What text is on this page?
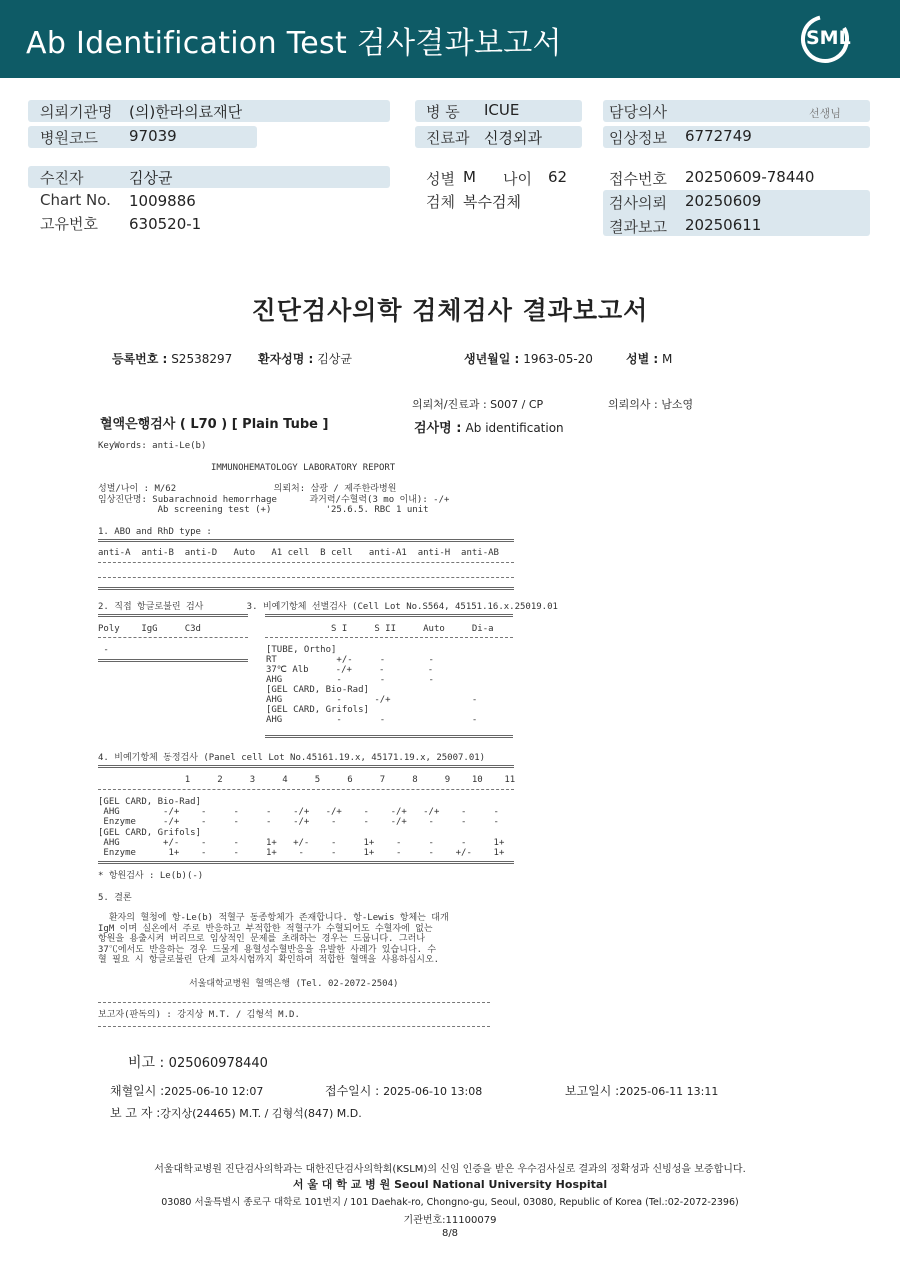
Ab Identification Test 검사결과보고서	SML
의뢰기관명 (의)한라의료재단
병원코드 97039
병 동 ICUE
진료과 신경외과
담당의사	선생님
임상정보 6772749
수진자	김상균
Chart No. 1009886
고유번호 630520-1
성별 M 나이 62
검체 복수검체
접수번호 20250609-78440
검사의뢰 20250609
결과보고 20250611
진단검사의학 검체검사 결과보고서
등록번호 : S2538297 환자성명 : 김상균	생년월일 : 1963-05-20	성별 : M
의뢰처/진료과 : S007 / CP	의뢰의사 : 남소영
혈액은행검사 ( L70 ) [ Plain Tube ]	검사명 : Ab identification
KeyWords: anti-Le(b)
IMMUNOHEMATOLOGY LABORATORY REPORT
성별/나이 : M/62                  의뢰처: 삼광 / 제주한라병원
임상진단명: Subarachnoid hemorrhage      과거력/수혈력(3 mo 이내): -/+
Ab screening test (+)          '25.6.5. RBC 1 unit
1. ABO and RhD type :
anti-A  anti-B  anti-D   Auto   A1 cell  B cell   anti-A1  anti-H  anti-AB
2. 직접 항글로불린 검사        3. 비예기항체 선별검사 (Cell Lot No.S564, 45151.16.x.25019.01
Poly    IgG     C3d                        S I     S II     Auto     Di-a
-                             [TUBE, Ortho]
RT           +/-     -        -
37℃ Alb     -/+     -        -
AHG          -       -        -
[GEL CARD, Bio-Rad]
AHG          -      -/+               -
[GEL CARD, Grifols]
AHG          -       -                -
4. 비예기항체 동정검사 (Panel cell Lot No.45161.19.x, 45171.19.x, 25007.01)
1     2     3     4     5     6     7     8     9    10    11
[GEL CARD, Bio-Rad]
AHG        -/+    -     -     -    -/+   -/+    -    -/+   -/+    -     -
Enzyme     -/+    -     -     -    -/+    -     -    -/+    -     -     -
[GEL CARD, Grifols]
AHG        +/-    -     -     1+   +/-    -     1+    -     -     -     1+
Enzyme      1+    -     -     1+    -     -     1+    -     -    +/-    1+
* 항원검사 : Le(b)(-)
5. 결론
환자의 혈청에 항-Le(b) 적혈구 동종항체가 존재합니다. 항-Lewis 항체는 대개
IgM 이며 실온에서 주로 반응하고 부적합한 적혈구가 수혈되어도 수혈자에 없는
항원을 용출시켜 버리므로 임상적인 문제를 초래하는 경우는 드뭅니다. 그러나
37℃에서도 반응하는 경우 드물게 용혈성수혈반응을 유발한 사례가 있습니다. 수
혈 필요 시 항글로불린 단계 교차시험까지 확인하여 적합한 혈액을 사용하십시오.
서울대학교병원 혈액은행 (Tel. 02-2072-2504)
보고자(판독의) : 강지상 M.T. / 김형석 M.D.
비고 : 025060978440
채혈일시 :2025-06-10 12:07	접수일시 : 2025-06-10 13:08	보고일시 :2025-06-11 13:11
보 고 자 :강지상(24465) M.T. / 김형석(847) M.D.
서울대학교병원 진단검사의학과는 대한진단검사의학회(KSLM)의 신임 인증을 받은 우수검사실로 결과의 정확성과 신빙성을 보증합니다.
서 울 대 학 교 병 원 Seoul National University Hospital
03080 서울특별시 종로구 대학로 101번지 / 101 Daehak-ro, Chongno-gu, Seoul, 03080, Republic of Korea (Tel.:02-2072-2396)
기관번호:11100079
8/8
